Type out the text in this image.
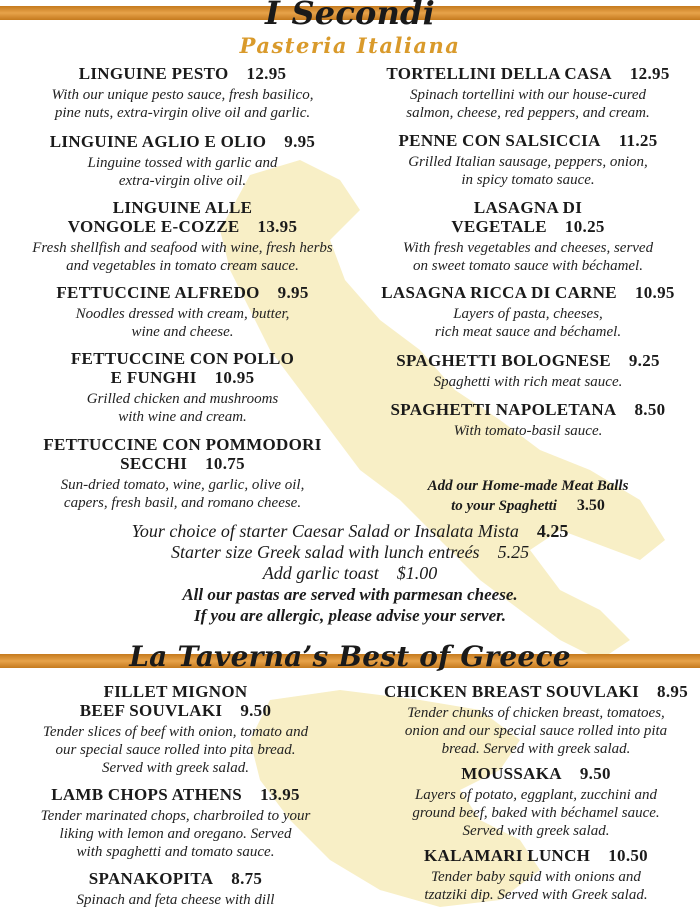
I Secondi
Pasteria Italiana
LINGUINE PESTO 12.95
With our unique pesto sauce, fresh basilico,
pine nuts, extra-virgin olive oil and garlic.
LINGUINE AGLIO E OLIO 9.95
Linguine tossed with garlic and
extra-virgin olive oil.
LINGUINE ALLE
VONGOLE E-COZZE 13.95
Fresh shellfish and seafood with wine, fresh herbs
and vegetables in tomato cream sauce.
FETTUCCINE ALFREDO 9.95
Noodles dressed with cream, butter,
wine and cheese.
FETTUCCINE CON POLLO
E FUNGHI 10.95
Grilled chicken and mushrooms
with wine and cream.
FETTUCCINE CON POMMODORI
SECCHI 10.75
Sun-dried tomato, wine, garlic, olive oil,
capers, fresh basil, and romano cheese.
TORTELLINI DELLA CASA 12.95
Spinach tortellini with our house-cured
salmon, cheese, red peppers, and cream.
PENNE CON SALSICCIA 11.25
Grilled Italian sausage, peppers, onion,
in spicy tomato sauce.
LASAGNA DI
VEGETALE 10.25
With fresh vegetables and cheeses, served
on sweet tomato sauce with béchamel.
LASAGNA RICCA DI CARNE 10.95
Layers of pasta, cheeses,
rich meat sauce and béchamel.
SPAGHETTI BOLOGNESE 9.25
Spaghetti with rich meat sauce.
SPAGHETTI NAPOLETANA 8.50
With tomato-basil sauce.
Add our Home-made Meat Balls
to your Spaghetti 3.50
Your choice of starter Caesar Salad or Insalata Mista 4.25
Starter size Greek salad with lunch entreés 5.25
Add garlic toast $1.00
All our pastas are served with parmesan cheese.
If you are allergic, please advise your server.
La Taverna’s Best of Greece
FILLET MIGNON
BEEF SOUVLAKI 9.50
Tender slices of beef with onion, tomato and
our special sauce rolled into pita bread.
Served with greek salad.
LAMB CHOPS ATHENS 13.95
Tender marinated chops, charbroiled to your
liking with lemon and oregano. Served
with spaghetti and tomato sauce.
SPANAKOPITA 8.75
Spinach and feta cheese with dill
CHICKEN BREAST SOUVLAKI 8.95
Tender chunks of chicken breast, tomatoes,
onion and our special sauce rolled into pita
bread. Served with greek salad.
MOUSSAKA 9.50
Layers of potato, eggplant, zucchini and
ground beef, baked with béchamel sauce.
Served with greek salad.
KALAMARI LUNCH 10.50
Tender baby squid with onions and
tzatziki dip. Served with Greek salad.
